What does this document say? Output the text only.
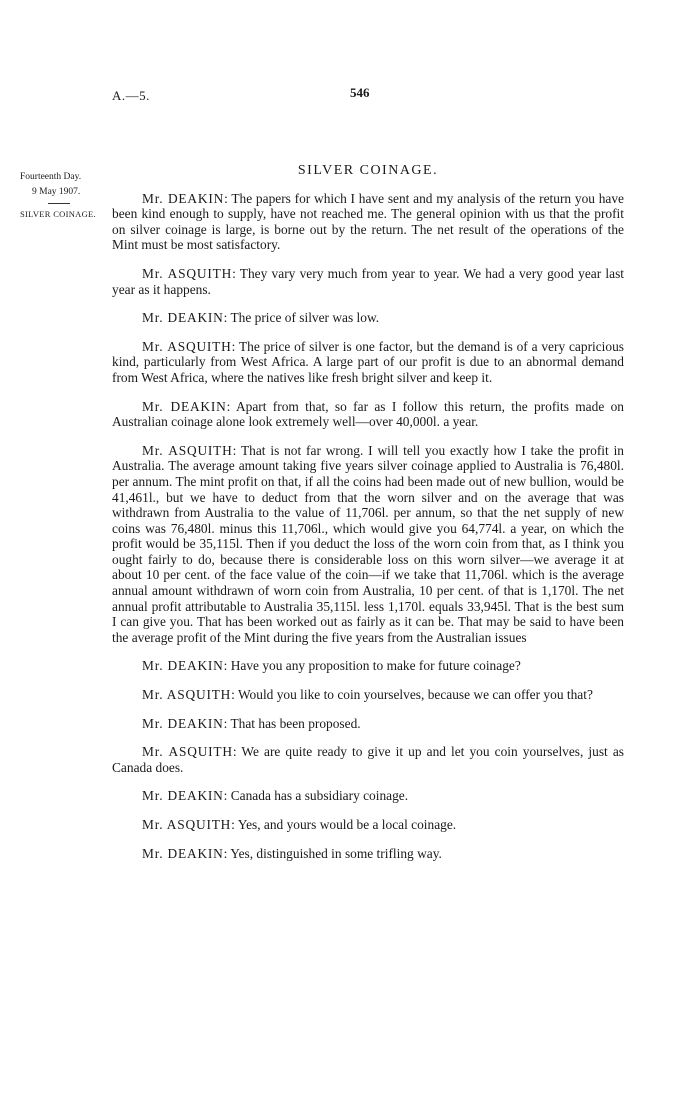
A.—5.	546
Fourteenth Day.
9 May 1907.
SILVER COINAGE.
SILVER COINAGE.

Mr. DEAKIN: The papers for which I have sent and my analysis of the return you have been kind enough to supply, have not reached me. The general opinion with us that the profit on silver coinage is large, is borne out by the return. The net result of the operations of the Mint must be most satisfactory.

Mr. ASQUITH: They vary very much from year to year. We had a very good year last year as it happens.

Mr. DEAKIN: The price of silver was low.

Mr. ASQUITH: The price of silver is one factor, but the demand is of a very capricious kind, particularly from West Africa. A large part of our profit is due to an abnormal demand from West Africa, where the natives like fresh bright silver and keep it.

Mr. DEAKIN: Apart from that, so far as I follow this return, the profits made on Australian coinage alone look extremely well—over 40,000l. a year.

Mr. ASQUITH: That is not far wrong. I will tell you exactly how I take the profit in Australia. The average amount taking five years silver coinage applied to Australia is 76,480l. per annum. The mint profit on that, if all the coins had been made out of new bullion, would be 41,461l., but we have to deduct from that the worn silver and on the average that was withdrawn from Australia to the value of 11,706l. per annum, so that the net supply of new coins was 76,480l. minus this 11,706l., which would give you 64,774l. a year, on which the profit would be 35,115l. Then if you deduct the loss of the worn coin from that, as I think you ought fairly to do, because there is considerable loss on this worn silver—we average it at about 10 per cent. of the face value of the coin—if we take that 11,706l. which is the average annual amount withdrawn of worn coin from Australia, 10 per cent. of that is 1,170l. The net annual profit attributable to Australia 35,115l. less 1,170l. equals 33,945l. That is the best sum I can give you. That has been worked out as fairly as it can be. That may be said to have been the average profit of the Mint during the five years from the Australian issues

Mr. DEAKIN: Have you any proposition to make for future coinage?

Mr. ASQUITH: Would you like to coin yourselves, because we can offer you that?

Mr. DEAKIN: That has been proposed.

Mr. ASQUITH: We are quite ready to give it up and let you coin yourselves, just as Canada does.

Mr. DEAKIN: Canada has a subsidiary coinage.

Mr. ASQUITH: Yes, and yours would be a local coinage.

Mr. DEAKIN: Yes, distinguished in some trifling way.
